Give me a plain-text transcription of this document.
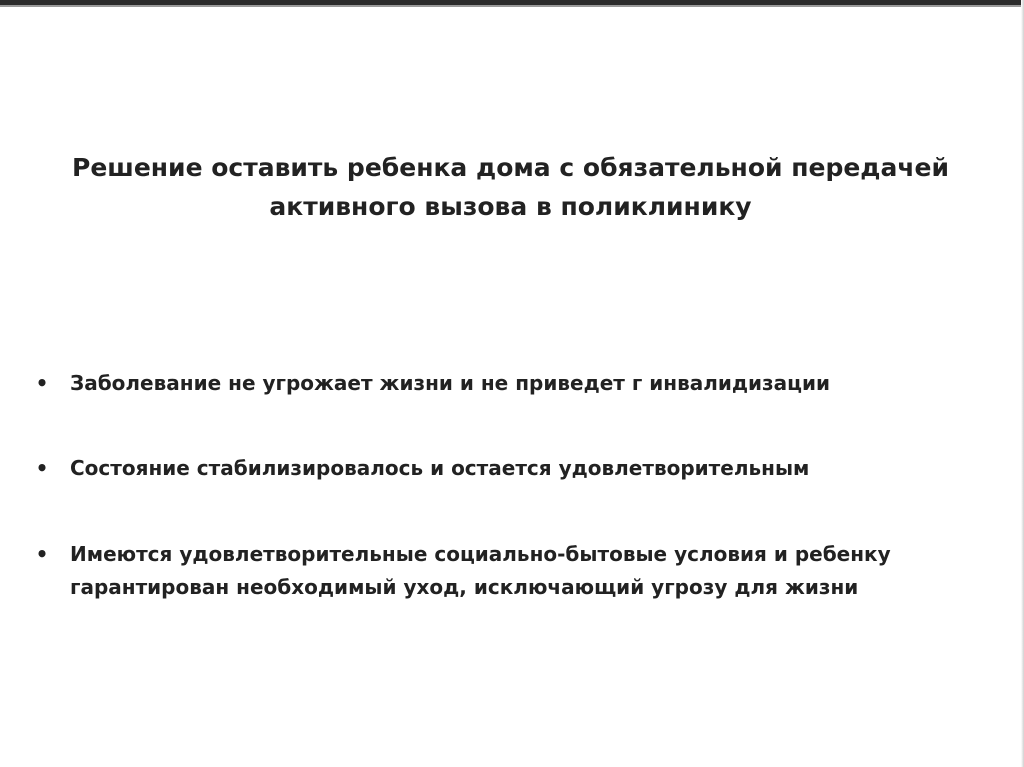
Решение оставить ребенка дома с обязательной передачей активного вызова в поликлинику
• Заболевание не угрожает жизни и не приведет г инвалидизации
• Состояние стабилизировалось и остается удовлетворительным
• Имеются удовлетворительные социально-бытовые условия и ребенку гарантирован необходимый уход, исключающий угрозу для жизни
